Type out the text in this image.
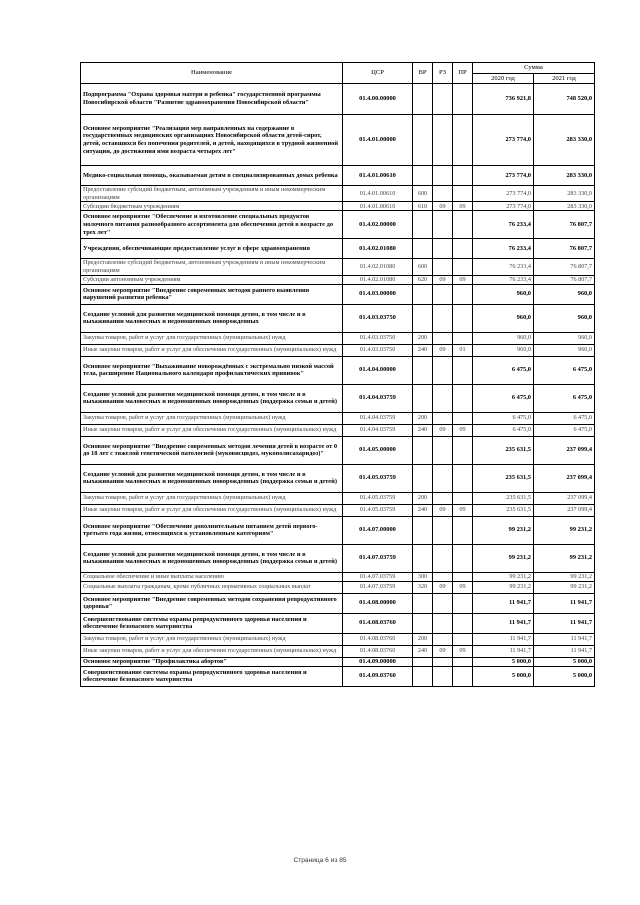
Наименование	ЦСР	ВР	РЗ	ПР	Сумма	
					2020 год	2021 год
Подпрограмма "Охрана здоровья матери и ребенка" государственной программы Новосибирской области "Развитие здравоохранения Новосибирской области"	01.4.00.00000				736 921,8	748 520,0
Основное мероприятие "Реализация мер направленных на содержание в государственных медицинских организациях Новосибирской области детей-сирот, детей, оставшихся без попечения родителей, и детей, находящихся в трудной жизненной ситуации, до достижения ими возраста четырех лет"	01.4.01.00000				273 774,0	283 330,0
Медико-социальная помощь, оказываемая детям в специализированных домах ребенка	01.4.01.00610				273 774,0	283 330,0
Предоставление субсидий бюджетным, автономным учреждениям и иным некоммерческим организациям	01.4.01.00610	600			273 774,0	283 330,0
Субсидии бюджетным учреждениям	01.4.01.00610	610	09	09	273 774,0	283 330,0
Основное мероприятие "Обеспечение и изготовление специальных продуктов молочного питания разнообразного ассортимента для обеспечения детей в возрасте до трех лет"	01.4.02.00000				76 233,4	76 807,7
Учреждения, обеспечивающие предоставление услуг в сфере здравоохранения	01.4.02.01080				76 233,4	76 807,7
Предоставление субсидий бюджетным, автономным учреждениям и иным некоммерческим организациям	01.4.02.01080	600			76 233,4	76 807,7
Субсидии автономным учреждениям	01.4.02.01080	620	09	09	76 233,4	76 807,7
Основное мероприятие "Внедрение современных методов раннего выявления нарушений развития ребенка"	01.4.03.00000				960,0	960,0
Создание условий для развития медицинской помощи детям, в том числе и в выхаживании маловесных и недоношенных новорожденных	01.4.03.03750				960,0	960,0
Закупка товаров, работ и услуг для государственных (муниципальных) нужд	01.4.03.03750	200			960,0	960,0
Иные закупки товаров, работ и услуг для обеспечения государственных (муниципальных) нужд	01.4.03.03750	240	09	01	960,0	960,0
Основное мероприятие "Выхаживание новорождённых с экстремально низкой массой тела, расширение Национального календаря профилактических прививок"	01.4.04.00000				6 475,0	6 475,0
Создание условий для развития медицинской помощи детям, в том числе и в выхаживании маловесных и недоношенных новорожденных (поддержка семьи и детей)	01.4.04.03759				6 475,0	6 475,0
Закупка товаров, работ и услуг для государственных (муниципальных) нужд	01.4.04.03759	200			6 475,0	6 475,0
Иные закупки товаров, работ и услуг для обеспечения государственных (муниципальных) нужд	01.4.04.03759	240	09	09	6 475,0	6 475,0
Основное мероприятие "Внедрение современных методов лечения детей в возрасте от 0 до 18 лет с тяжелой генетической патологией (муковисцидоз, мукополисахаридоз)"	01.4.05.00000				235 631,5	237 099,4
Создание условий для развития медицинской помощи детям, в том числе и в выхаживании маловесных и недоношенных новорожденных (поддержка семьи и детей)	01.4.05.03759				235 631,5	237 099,4
Закупка товаров, работ и услуг для государственных (муниципальных) нужд	01.4.05.03759	200			235 631,5	237 099,4
Иные закупки товаров, работ и услуг для обеспечения государственных (муниципальных) нужд	01.4.05.03759	240	09	09	235 631,5	237 099,4
Основное мероприятие "Обеспечение дополнительным питанием детей первого-третьего года жизни, относящихся к установленным категориям"	01.4.07.00000				99 231,2	99 231,2
Создание условий для развития медицинской помощи детям, в том числе и в выхаживании маловесных и недоношенных новорожденных (поддержка семьи и детей)	01.4.07.03759				99 231,2	99 231,2
Социальное обеспечение и иные выплаты населению	01.4.07.03759	300			99 231,2	99 231,2
Социальные выплаты гражданам, кроме публичных нормативных социальных выплат	01.4.07.03759	320	09	09	99 231,2	99 231,2
Основное мероприятие "Внедрение современных методов сохранения репродуктивного здоровья"	01.4.08.00000				11 941,7	11 941,7
Совершенствование системы охраны репродуктивного здоровья населения и обеспечение безопасного материнства	01.4.08.03760				11 941,7	11 941,7
Закупка товаров, работ и услуг для государственных (муниципальных) нужд	01.4.08.03760	200			11 941,7	11 941,7
Иные закупки товаров, работ и услуг для обеспечения государственных (муниципальных) нужд	01.4.08.03760	240	09	09	11 941,7	11 941,7
Основное мероприятие "Профилактика абортов"	01.4.09.00000				5 000,0	5 000,0
Совершенствование системы охраны репродуктивного здоровья населения и обеспечение безопасного материнства	01.4.09.03760				5 000,0	5 000,0
Страница 6 из 85
